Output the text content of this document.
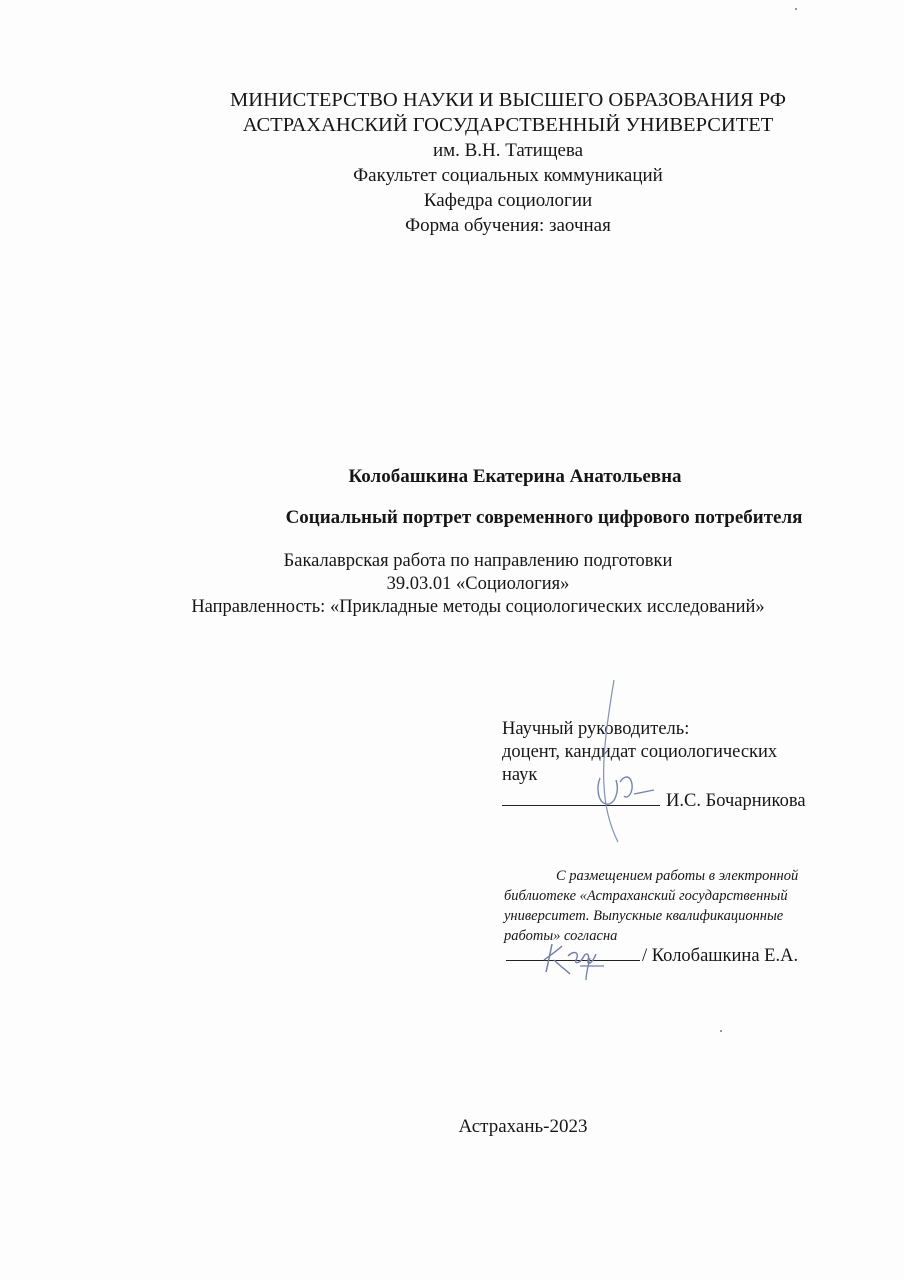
МИНИСТЕРСТВО НАУКИ И ВЫСШЕГО ОБРАЗОВАНИЯ РФ
АСТРАХАНСКИЙ ГОСУДАРСТВЕННЫЙ УНИВЕРСИТЕТ
им. В.Н. Татищева
Факультет социальных коммуникаций
Кафедра социологии
Форма обучения: заочная
Колобашкина Екатерина Анатольевна
Социальный портрет современного цифрового потребителя
Бакалаврская работа по направлению подготовки
39.03.01 «Социология»
Направленность: «Прикладные методы социологических исследований»
Научный руководитель:
доцент, кандидат социологических
наук
И.С. Бочарникова
С размещением работы в электронной
библиотеке «Астраханский государственный
университет. Выпускные квалификационные
работы» согласна
/ Колобашкина Е.А.
Астрахань-2023
